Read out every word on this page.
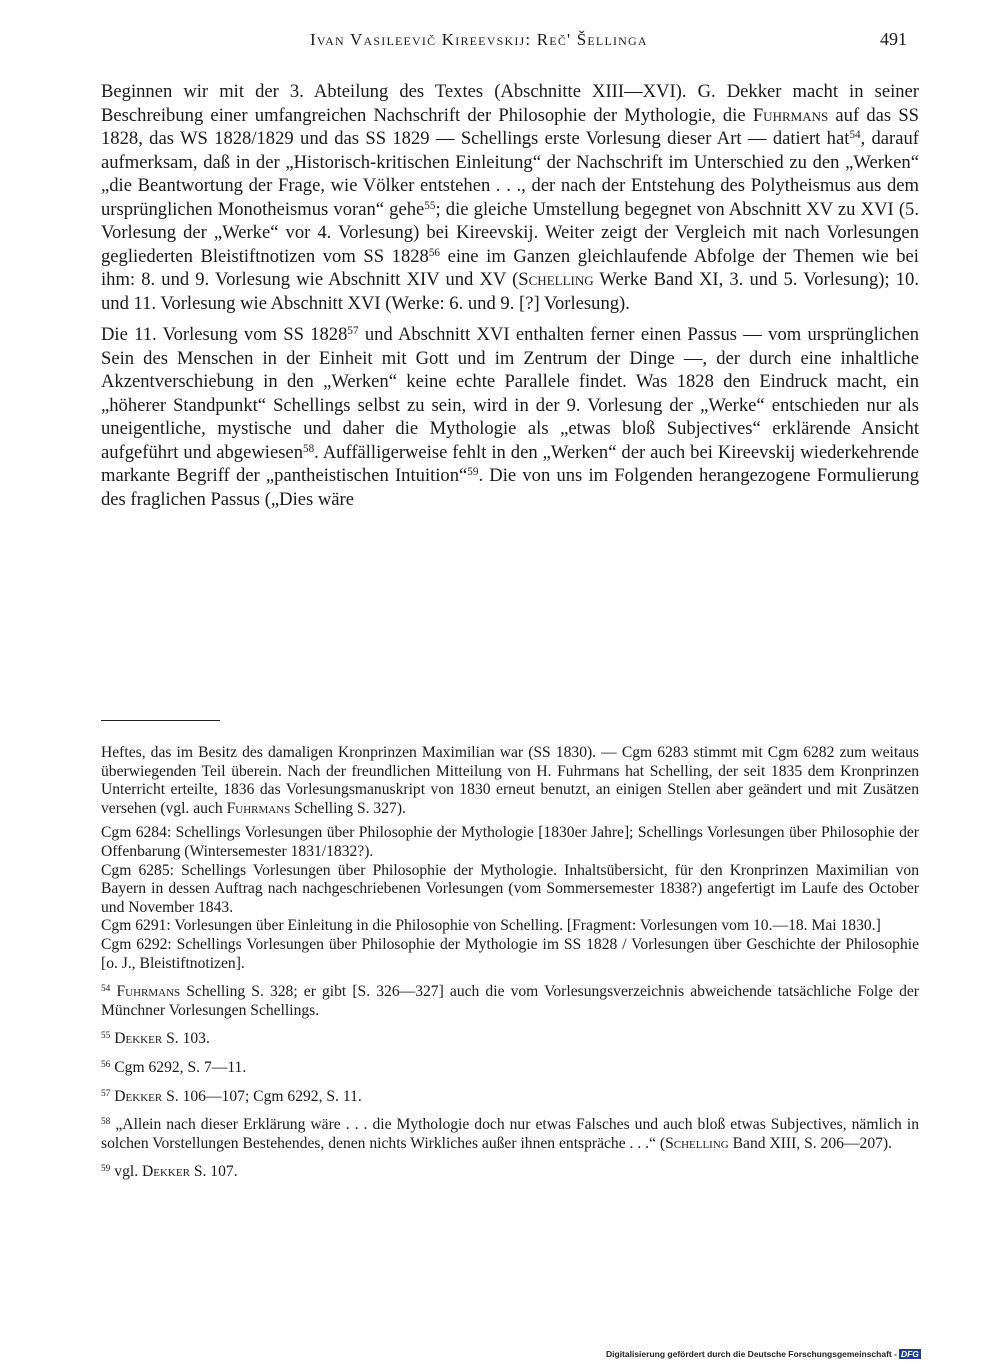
Ivan Vasileevič Kireevskij: Reč' Šellinga	491

Beginnen wir mit der 3. Abteilung des Textes (Abschnitte XIII—XVI). G. Dekker macht in seiner Beschreibung einer umfangreichen Nachschrift der Philosophie der Mythologie, die Fuhrmans auf das SS 1828, das WS 1828/1829 und das SS 1829 — Schellings erste Vorlesung dieser Art — datiert hat$^{54}$, darauf aufmerksam, daß in der „Historisch-kritischen Einleitung“ der Nachschrift im Unterschied zu den „Werken“ „die Beantwortung der Frage, wie Völker entstehen . . ., der nach der Entstehung des Polytheismus aus dem ursprünglichen Monotheismus voran“ gehe$^{55}$; die gleiche Umstellung begegnet von Abschnitt XV zu XVI (5. Vorlesung der „Werke“ vor 4. Vorlesung) bei Kireevskij. Weiter zeigt der Vergleich mit nach Vorlesungen gegliederten Bleistiftnotizen vom SS 1828$^{56}$ eine im Ganzen gleichlaufende Abfolge der Themen wie bei ihm: 8. und 9. Vorlesung wie Abschnitt XIV und XV (Schelling Werke Band XI, 3. und 5. Vorlesung); 10. und 11. Vorlesung wie Abschnitt XVI (Werke: 6. und 9. [?] Vorlesung).

Die 11. Vorlesung vom SS 1828$^{57}$ und Abschnitt XVI enthalten ferner einen Passus — vom ursprünglichen Sein des Menschen in der Einheit mit Gott und im Zentrum der Dinge —, der durch eine inhaltliche Akzentverschiebung in den „Werken“ keine echte Parallele findet. Was 1828 den Eindruck macht, ein „höherer Standpunkt“ Schellings selbst zu sein, wird in der 9. Vorlesung der „Werke“ entschieden nur als uneigentliche, mystische und daher die Mythologie als „etwas bloß Subjectives“ erklärende Ansicht aufgeführt und abgewiesen$^{58}$. Auffälligerweise fehlt in den „Werken“ der auch bei Kireevskij wiederkehrende markante Begriff der „pantheistischen Intuition“$^{59}$. Die von uns im Folgenden herangezogene Formulierung des fraglichen Passus („Dies wäre

Heftes, das im Besitz des damaligen Kronprinzen Maximilian war (SS 1830). — Cgm 6283 stimmt mit Cgm 6282 zum weitaus überwiegenden Teil überein. Nach der freundlichen Mitteilung von H. Fuhrmans hat Schelling, der seit 1835 dem Kronprinzen Unterricht erteilte, 1836 das Vorlesungsmanuskript von 1830 erneut benutzt, an einigen Stellen aber geändert und mit Zusätzen versehen (vgl. auch Fuhrmans Schelling S. 327).

Cgm 6284: Schellings Vorlesungen über Philosophie der Mythologie [1830er Jahre]; Schellings Vorlesungen über Philosophie der Offenbarung (Wintersemester 1831/1832?).

Cgm 6285: Schellings Vorlesungen über Philosophie der Mythologie. Inhaltsübersicht, für den Kronprinzen Maximilian von Bayern in dessen Auftrag nach nachgeschriebenen Vorlesungen (vom Sommersemester 1838?) angefertigt im Laufe des October und November 1843.

Cgm 6291: Vorlesungen über Einleitung in die Philosophie von Schelling. [Fragment: Vorlesungen vom 10.—18. Mai 1830.]

Cgm 6292: Schellings Vorlesungen über Philosophie der Mythologie im SS 1828 / Vorlesungen über Geschichte der Philosophie [o. J., Bleistiftnotizen].

$^{54}$ Fuhrmans Schelling S. 328; er gibt [S. 326—327] auch die vom Vorlesungsverzeichnis abweichende tatsächliche Folge der Münchner Vorlesungen Schellings.

$^{55}$ Dekker S. 103.

$^{56}$ Cgm 6292, S. 7—11.

$^{57}$ Dekker S. 106—107; Cgm 6292, S. 11.

$^{58}$ „Allein nach dieser Erklärung wäre . . . die Mythologie doch nur etwas Falsches und auch bloß etwas Subjectives, nämlich in solchen Vorstellungen Bestehendes, denen nichts Wirkliches außer ihnen entspräche . . .“ (Schelling Band XIII, S. 206—207).

$^{59}$ vgl. Dekker S. 107.

Digitalisierung gefördert durch die Deutsche Forschungsgemeinschaft - DFG
